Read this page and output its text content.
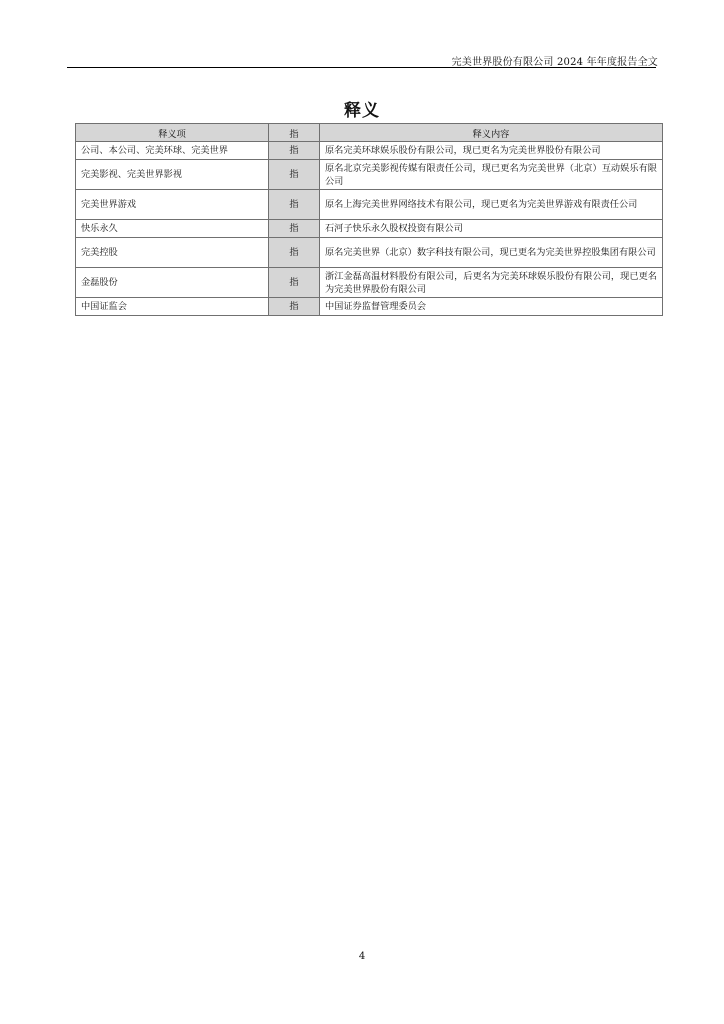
完美世界股份有限公司 2024 年年度报告全文
释义
释义项	指	释义内容
公司、本公司、完美环球、完美世界	指	原名完美环球娱乐股份有限公司，现已更名为完美世界股份有限公司
完美影视、完美世界影视	指	原名北京完美影视传媒有限责任公司，现已更名为完美世界（北京）互动娱乐有限公司
完美世界游戏	指	原名上海完美世界网络技术有限公司，现已更名为完美世界游戏有限责任公司
快乐永久	指	石河子快乐永久股权投资有限公司
完美控股	指	原名完美世界（北京）数字科技有限公司，现已更名为完美世界控股集团有限公司
金磊股份	指	浙江金磊高温材料股份有限公司，后更名为完美环球娱乐股份有限公司，现已更名为完美世界股份有限公司
中国证监会	指	中国证券监督管理委员会
4
